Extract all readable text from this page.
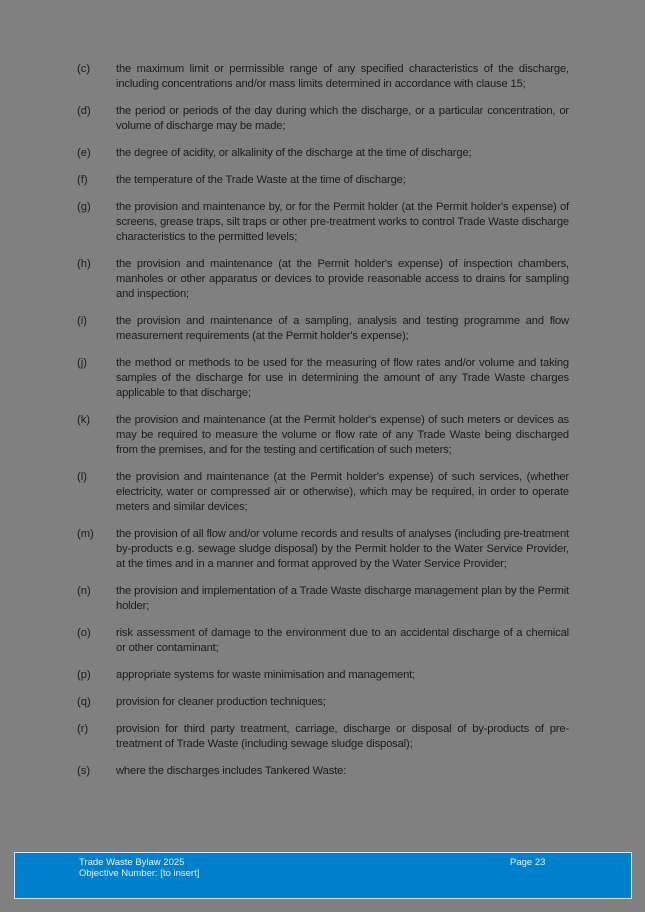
(c)	the maximum limit or permissible range of any specified characteristics of the discharge, including concentrations and/or mass limits determined in accordance with clause 15;
(d)	the period or periods of the day during which the discharge, or a particular concentration, or volume of discharge may be made;
(e)	the degree of acidity, or alkalinity of the discharge at the time of discharge;
(f)	the temperature of the Trade Waste at the time of discharge;
(g)	the provision and maintenance by, or for the Permit holder (at the Permit holder's expense) of screens, grease traps, silt traps or other pre-treatment works to control Trade Waste discharge characteristics to the permitted levels;
(h)	the provision and maintenance (at the Permit holder's expense) of inspection chambers, manholes or other apparatus or devices to provide reasonable access to drains for sampling and inspection;
(i)	the provision and maintenance of a sampling, analysis and testing programme and flow measurement requirements (at the Permit holder's expense);
(j)	the method or methods to be used for the measuring of flow rates and/or volume and taking samples of the discharge for use in determining the amount of any Trade Waste charges applicable to that discharge;
(k)	the provision and maintenance (at the Permit holder's expense) of such meters or devices as may be required to measure the volume or flow rate of any Trade Waste being discharged from the premises, and for the testing and certification of such meters;
(l)	the provision and maintenance (at the Permit holder's expense) of such services, (whether electricity, water or compressed air or otherwise), which may be required, in order to operate meters and similar devices;
(m)	the provision of all flow and/or volume records and results of analyses (including pre-treatment by-products e.g. sewage sludge disposal) by the Permit holder to the Water Service Provider, at the times and in a manner and format approved by the Water Service Provider;
(n)	the provision and implementation of a Trade Waste discharge management plan by the Permit holder;
(o)	risk assessment of damage to the environment due to an accidental discharge of a chemical or other contaminant;
(p)	appropriate systems for waste minimisation and management;
(q)	provision for cleaner production techniques;
(r)	provision for third party treatment, carriage, discharge or disposal of by-products of pre-treatment of Trade Waste (including sewage sludge disposal);
(s)	where the discharges includes Tankered Waste:
Trade Waste Bylaw 2025
Objective Number: [to insert]
Page 23
